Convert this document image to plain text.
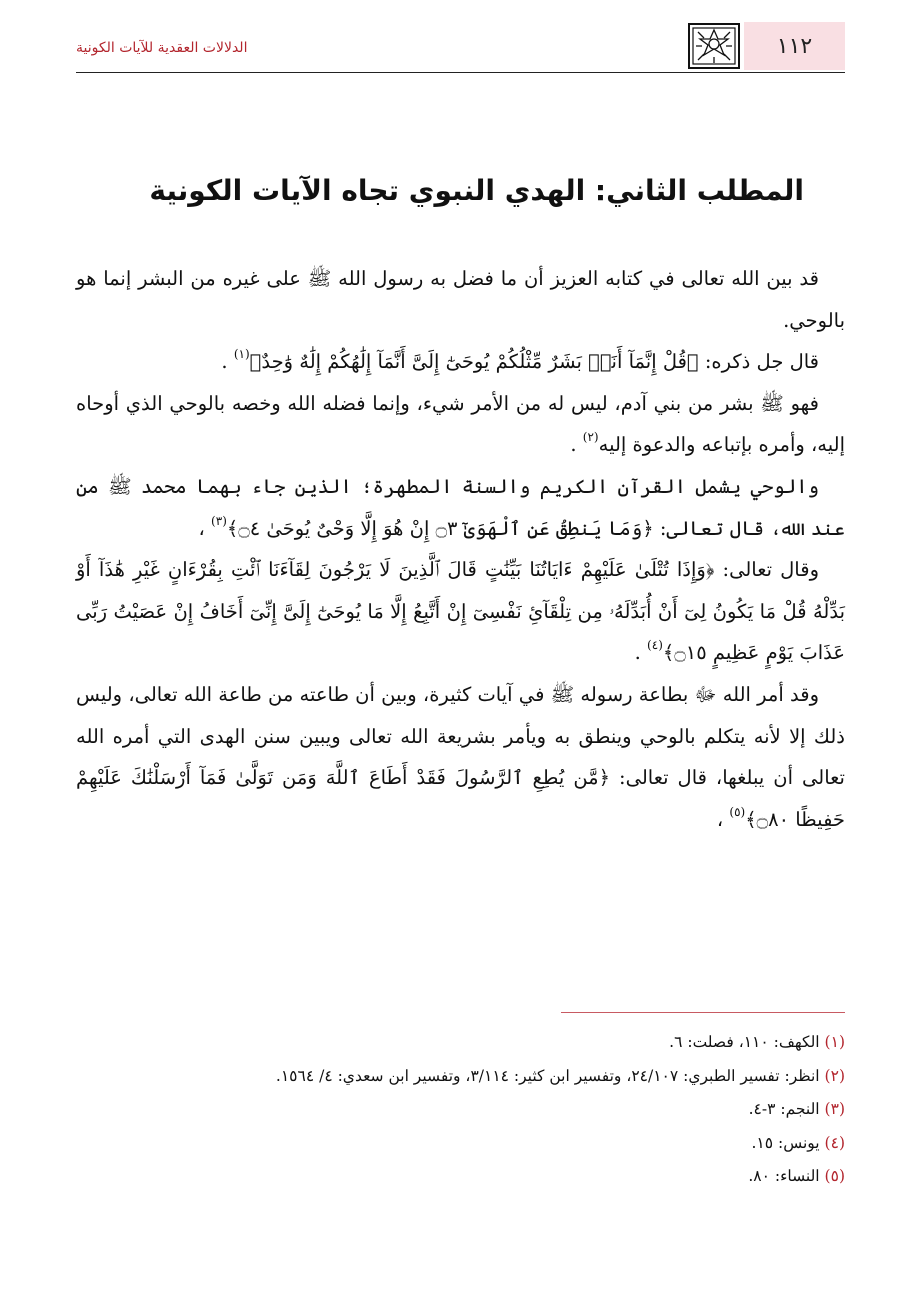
١١٢
الدلالات العقدية للآيات الكونية
المطلب الثاني: الهدي النبوي تجاه الآيات الكونية

قد بين الله تعالى في كتابه العزيز أن ما فضل به رسول الله ﷺ على غيره من البشر إنما هو بالوحي.

قال جل ذكره: ﴿قُلْ إِنَّمَآ أَنَا۠ بَشَرٌ مِّثْلُكُمْ يُوحَىٰٓ إِلَىَّ أَنَّمَآ إِلَٰهُكُمْ إِلَٰهٌ وَٰحِدٌ﴾$^{(١)}$ .

فهو ﷺ بشر من بني آدم، ليس له من الأمر شيء، وإنما فضله الله وخصه بالوحي الذي أوحاه إليه، وأمره بإتباعه والدعوة إليه$^{(٢)}$ .

والوحي يشمل القرآن الكريم والسنة المطهرة؛ الذين جاء بهما محمد ﷺ من عند الله، قال تعالى: ﴿وَمَا يَنطِقُ عَنِ ٱلْهَوَىٰٓ ۝٣ إِنْ هُوَ إِلَّا وَحْىٌ يُوحَىٰ ۝٤﴾$^{(٣)}$ ،

وقال تعالى: ﴿وَإِذَا تُتْلَىٰ عَلَيْهِمْ ءَايَاتُنَا بَيِّنَٰتٍ قَالَ ٱلَّذِينَ لَا يَرْجُونَ لِقَآءَنَا ٱئْتِ بِقُرْءَانٍ غَيْرِ هَٰذَآ أَوْ بَدِّلْهُ قُلْ مَا يَكُونُ لِىٓ أَنْ أُبَدِّلَهُۥ مِن تِلْقَآئِ نَفْسِىٓ إِنْ أَتَّبِعُ إِلَّا مَا يُوحَىٰٓ إِلَىَّ إِنِّىٓ أَخَافُ إِنْ عَصَيْتُ رَبِّى عَذَابَ يَوْمٍ عَظِيمٍ ۝١٥﴾$^{(٤)}$ .

وقد أمر الله ﷻ بطاعة رسوله ﷺ في آيات كثيرة، وبين أن طاعته من طاعة الله تعالى، وليس ذلك إلا لأنه يتكلم بالوحي وينطق به ويأمر بشريعة الله تعالى ويبين سنن الهدى التي أمره الله تعالى أن يبلغها، قال تعالى: ﴿مَّن يُطِعِ ٱلرَّسُولَ فَقَدْ أَطَاعَ ٱللَّهَ وَمَن تَوَلَّىٰ فَمَآ أَرْسَلْنَٰكَ عَلَيْهِمْ حَفِيظًا ۝٨٠﴾$^{(٥)}$ ،

(١) الكهف: ١١٠، فصلت: ٦.

(٢) انظر: تفسير الطبري: ٢٤/١٠٧، وتفسير ابن كثير: ٣/١١٤، وتفسير ابن سعدي: ٤/ ١٥٦٤.

(٣) النجم: ٣-٤.

(٤) يونس: ١٥.

(٥) النساء: ٨٠.
